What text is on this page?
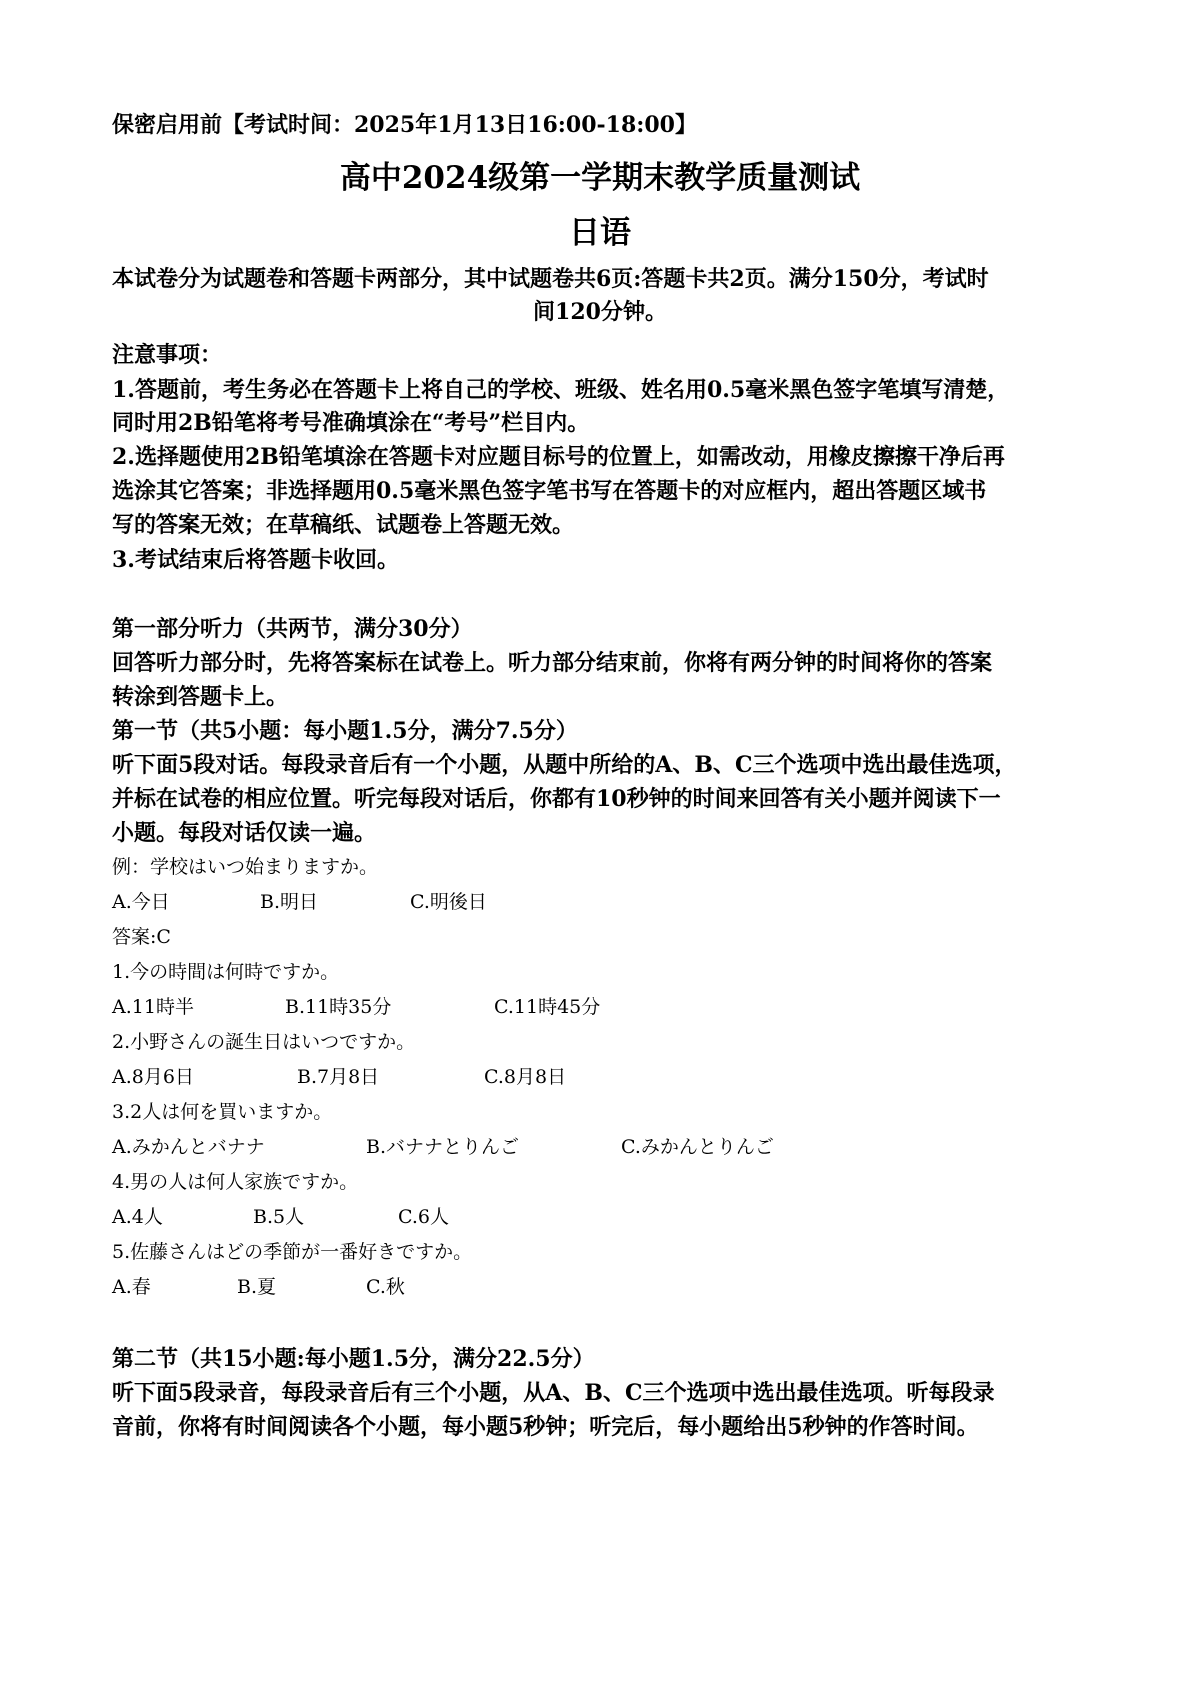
保密启用前【考试时间：2025年1月13日16:00-18:00】
高中2024级第一学期末教学质量测试
日语
本试卷分为试题卷和答题卡两部分，其中试题卷共6页:答题卡共2页。满分150分，考试时
间120分钟。
注意事项：
1.答题前，考生务必在答题卡上将自己的学校、班级、姓名用0.5毫米黑色签字笔填写清楚，
同时用2B铅笔将考号准确填涂在“考号”栏目内。
2.选择题使用2B铅笔填涂在答题卡对应题目标号的位置上，如需改动，用橡皮擦擦干净后再
选涂其它答案；非选择题用0.5毫米黑色签字笔书写在答题卡的对应框内，超出答题区域书
写的答案无效；在草稿纸、试题卷上答题无效。
3.考试结束后将答题卡收回。
第一部分听力（共两节，满分30分）
回答听力部分时，先将答案标在试卷上。听力部分结束前，你将有两分钟的时间将你的答案
转涂到答题卡上。
第一节（共5小题：每小题1.5分，满分7.5分）
听下面5段对话。每段录音后有一个小题，从题中所给的A、B、C三个选项中选出最佳选项，
并标在试卷的相应位置。听完每段对话后，你都有10秒钟的时间来回答有关小题并阅读下一
小题。每段对话仅读一遍。
例：学校はいつ始まりますか。
A.今日	B.明日	C.明後日
答案:C
1.今の時間は何時ですか。
A.11時半	B.11時35分	C.11時45分
2.小野さんの誕生日はいつですか。
A.8月6日	B.7月8日	C.8月8日
3.2人は何を買いますか。
A.みかんとバナナ	B.バナナとりんご	C.みかんとりんご
4.男の人は何人家族ですか。
A.4人	B.5人	C.6人
5.佐藤さんはどの季節が一番好きですか。
A.春	B.夏	C.秋
第二节（共15小题:每小题1.5分，满分22.5分）
听下面5段录音，每段录音后有三个小题，从A、B、C三个选项中选出最佳选项。听每段录
音前，你将有时间阅读各个小题，每小题5秒钟；听完后，每小题给出5秒钟的作答时间。
